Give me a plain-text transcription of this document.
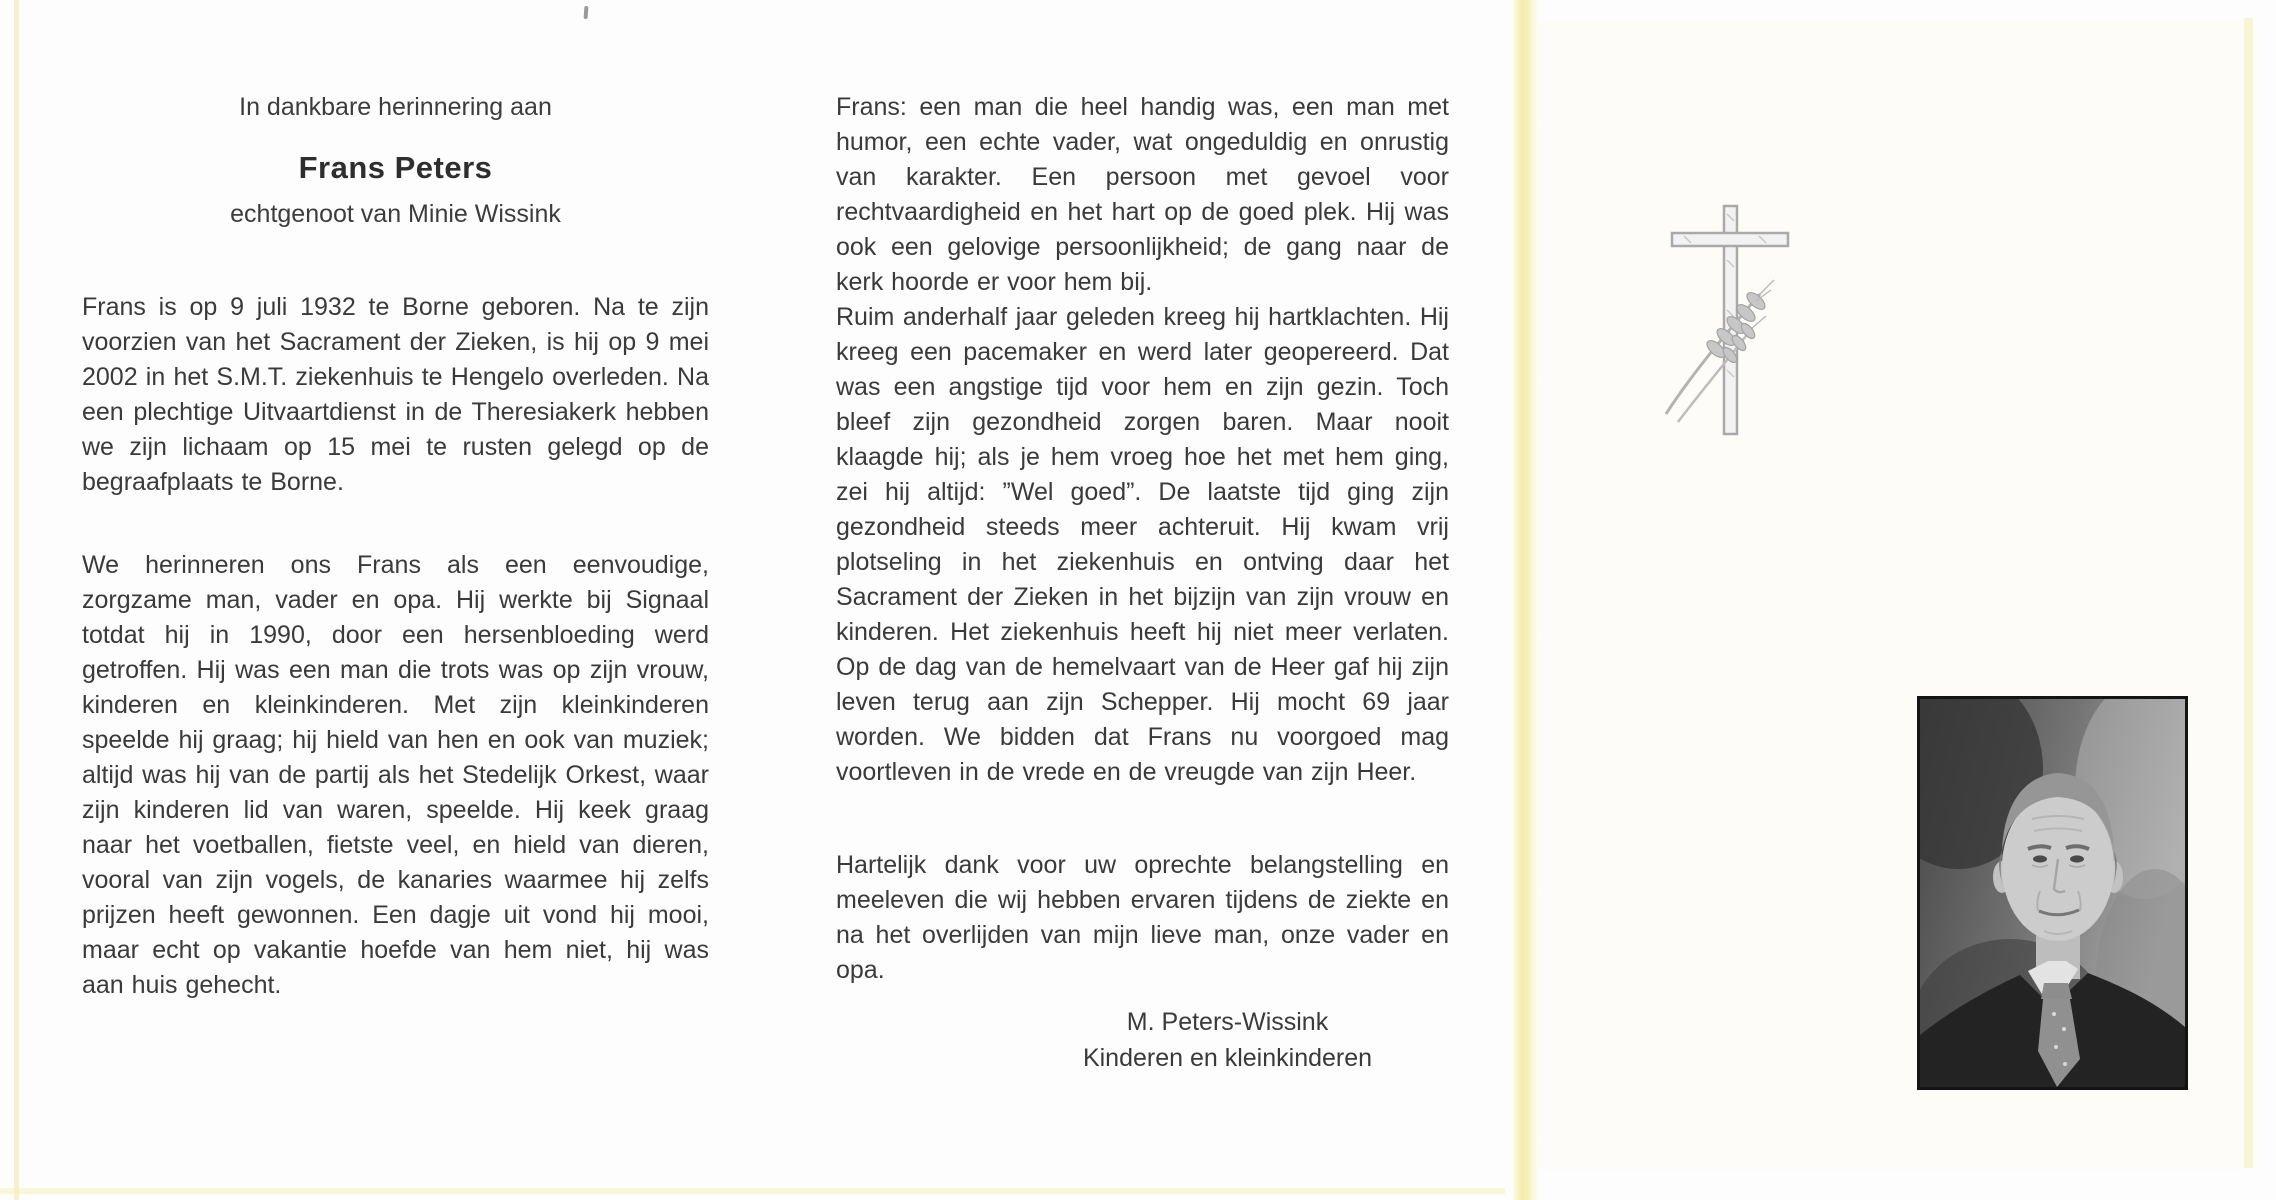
In dankbare herinnering aan
Frans Peters
echtgenoot van Minie Wissink

Frans is op 9 juli 1932 te Borne geboren. Na te zijn voorzien van het Sacrament der Zieken, is hij op 9 mei 2002 in het S.M.T. ziekenhuis te Hengelo overleden. Na een plechtige Uitvaartdienst in de Theresiakerk hebben we zijn lichaam op 15 mei te rusten gelegd op de begraafplaats te Borne.

We herinneren ons Frans als een eenvoudige, zorgzame man, vader en opa. Hij werkte bij Signaal totdat hij in 1990, door een hersenbloeding werd getroffen. Hij was een man die trots was op zijn vrouw, kinderen en kleinkinderen. Met zijn kleinkinderen speelde hij graag; hij hield van hen en ook van muziek; altijd was hij van de partij als het Stedelijk Orkest, waar zijn kinderen lid van waren, speelde. Hij keek graag naar het voetballen, fietste veel, en hield van dieren, vooral van zijn vogels, de kanaries waarmee hij zelfs prijzen heeft gewonnen. Een dagje uit vond hij mooi, maar echt op vakantie hoefde van hem niet, hij was aan huis gehecht.

Frans: een man die heel handig was, een man met humor, een echte vader, wat ongeduldig en onrustig van karakter. Een persoon met gevoel voor rechtvaardigheid en het hart op de goed plek. Hij was ook een gelovige persoonlijkheid; de gang naar de kerk hoorde er voor hem bij.

Ruim anderhalf jaar geleden kreeg hij hartklachten. Hij kreeg een pacemaker en werd later geopereerd. Dat was een angstige tijd voor hem en zijn gezin. Toch bleef zijn gezondheid zorgen baren. Maar nooit klaagde hij; als je hem vroeg hoe het met hem ging, zei hij altijd: ”Wel goed”. De laatste tijd ging zijn gezondheid steeds meer achteruit. Hij kwam vrij plotseling in het ziekenhuis en ontving daar het Sacrament der Zieken in het bijzijn van zijn vrouw en kinderen. Het ziekenhuis heeft hij niet meer verlaten. Op de dag van de hemelvaart van de Heer gaf hij zijn leven terug aan zijn Schepper. Hij mocht 69 jaar worden. We bidden dat Frans nu voorgoed mag voortleven in de vrede en de vreugde van zijn Heer.

Hartelijk dank voor uw oprechte belangstelling en meeleven die wij hebben ervaren tijdens de ziekte en na het overlijden van mijn lieve man, onze vader en opa.

M. Peters-Wissink
Kinderen en kleinkinderen
